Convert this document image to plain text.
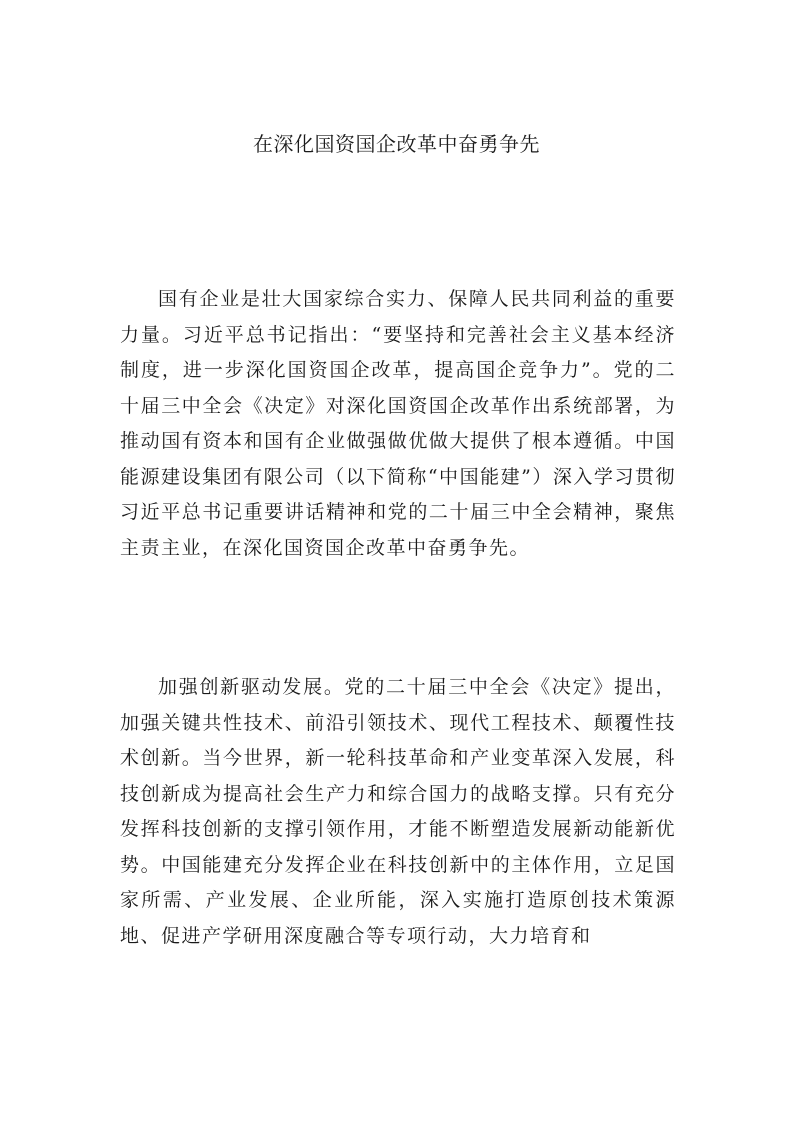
在深化国资国企改革中奋勇争先

国有企业是壮大国家综合实力、保障人民共同利益的重要力量。习近平总书记指出：“要坚持和完善社会主义基本经济制度，进一步深化国资国企改革，提高国企竞争力”。党的二十届三中全会《决定》对深化国资国企改革作出系统部署，为推动国有资本和国有企业做强做优做大提供了根本遵循。中国能源建设集团有限公司（以下简称“中国能建”）深入学习贯彻习近平总书记重要讲话精神和党的二十届三中全会精神，聚焦主责主业，在深化国资国企改革中奋勇争先。

加强创新驱动发展。党的二十届三中全会《决定》提出，加强关键共性技术、前沿引领技术、现代工程技术、颠覆性技术创新。当今世界，新一轮科技革命和产业变革深入发展，科技创新成为提高社会生产力和综合国力的战略支撑。只有充分发挥科技创新的支撑引领作用，才能不断塑造发展新动能新优势。中国能建充分发挥企业在科技创新中的主体作用，立足国家所需、产业发展、企业所能，深入实施打造原创技术策源地、促进产学研用深度融合等专项行动，大力培育和
